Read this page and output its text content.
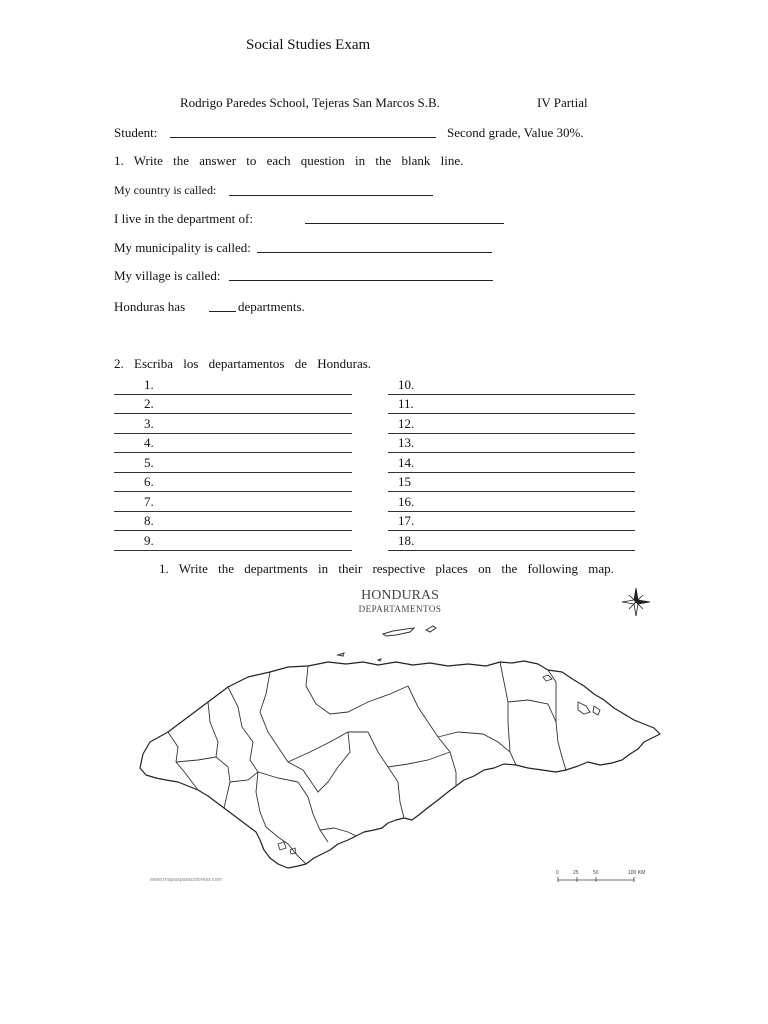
Social Studies Exam
Rodrigo Paredes School, Tejeras San Marcos S.B.	IV Partial
Student:	Second grade, Value 30%.
1. Write the answer to each question in the blank line.
My country is called:
I live in the department of:
My municipality is called:
My village is called:
Honduras has	departments.
2. Escriba los departamentos de Honduras.
1.
2.
3.
4.
5.
6.
7.
8.
9.
10.
11.
12.
13.
14.
15
16.
17.
18.
1. Write the departments in their respective places on the following map.
HONDURAS
DEPARTAMENTOS
www.mapasparacolorear.com
0	25	50	100 KM
